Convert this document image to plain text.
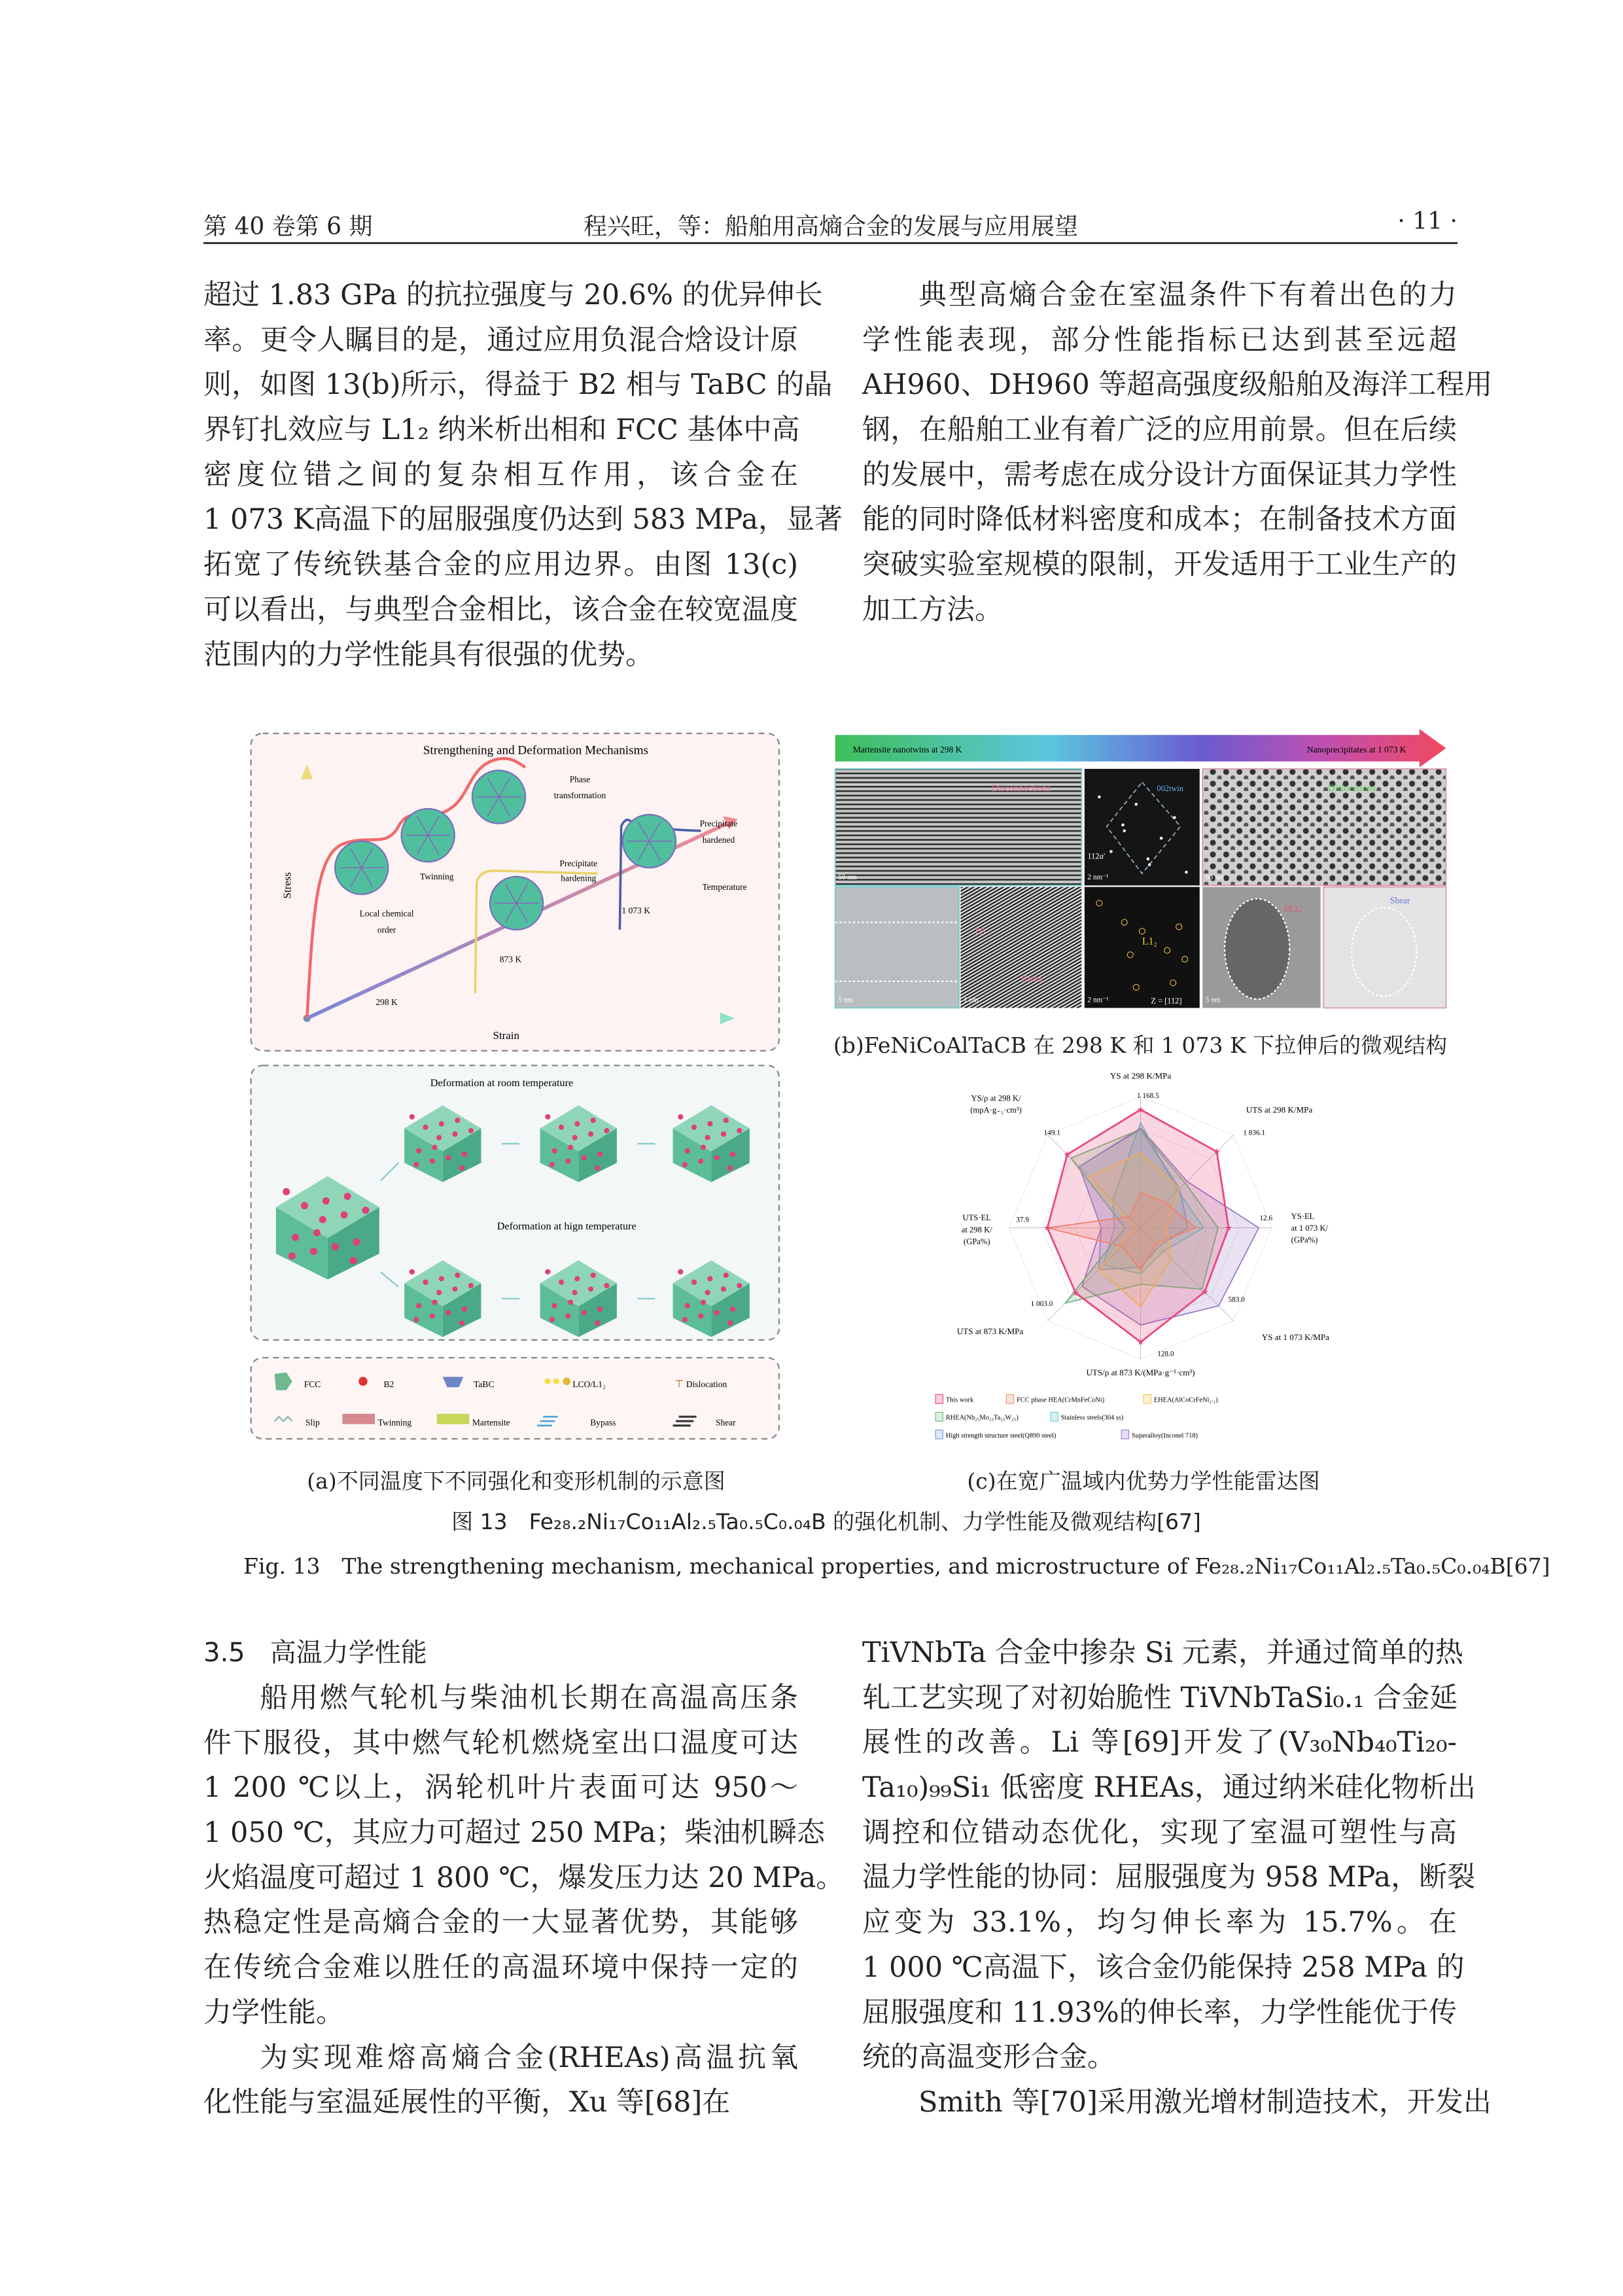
第 40 卷第 6 期	程兴旺，等：船舶用高熵合金的发展与应用展望	· 11 ·
超过 1.83 GPa 的抗拉强度与 20.6% 的优异伸长
率。更令人瞩目的是，通过应用负混合焓设计原
则，如图 13(b)所示，得益于 B2 相与 TaBC 的晶
界钉扎效应与 L1₂ 纳米析出相和 FCC 基体中高
密度位错之间的复杂相互作用，该合金在
1 073 K高温下的屈服强度仍达到 583 MPa，显著
拓宽了传统铁基合金的应用边界。由图 13(c)
可以看出，与典型合金相比，该合金在较宽温度
范围内的力学性能具有很强的优势。
典型高熵合金在室温条件下有着出色的力
学性能表现，部分性能指标已达到甚至远超
AH960、DH960 等超高强度级船舶及海洋工程用
钢，在船舶工业有着广泛的应用前景。但在后续
的发展中，需考虑在成分设计方面保证其力学性
能的同时降低材料密度和成本；在制备技术方面
突破实验室规模的限制，开发适用于工业生产的
加工方法。
3.5 高温力学性能
船用燃气轮机与柴油机长期在高温高压条
件下服役，其中燃气轮机燃烧室出口温度可达
1 200 ℃以上，涡轮机叶片表面可达 950～
1 050 ℃，其应力可超过 250 MPa；柴油机瞬态
火焰温度可超过 1 800 ℃，爆发压力达 20 MPa。
热稳定性是高熵合金的一大显著优势，其能够
在传统合金难以胜任的高温环境中保持一定的
力学性能。
为实现难熔高熵合金(RHEAs)高温抗氧
化性能与室温延展性的平衡，Xu 等[68]在
TiVNbTa 合金中掺杂 Si 元素，并通过简单的热
轧工艺实现了对初始脆性 TiVNbTaSi₀.₁ 合金延
展性的改善。Li 等[69]开发了(V₃₀Nb₄₀Ti₂₀-
Ta₁₀)₉₉Si₁ 低密度 RHEAs，通过纳米硅化物析出
调控和位错动态优化，实现了室温可塑性与高
温力学性能的协同：屈服强度为 958 MPa，断裂
应变为 33.1%，均匀伸长率为 15.7%。在
1 000 ℃高温下，该合金仍能保持 258 MPa 的
屈服强度和 11.93%的伸长率，力学性能优于传
统的高温变形合金。
Smith 等[70]采用激光增材制造技术，开发出
Strengthening and Deformation Mechanisms
Stress
Strain
Phase
transformation
Twinning
Local chemical
order
Precipitate
hardening
Precipitate
hardened
Temperature
298 K
873 K
1 073 K
Deformation at room temperature
Deformation at hign temperature
FCC	B2	TaBC	LCO/L1₂	⊤ Dislocation
Slip	Twinning	Martensite	Bypass	Shear
Martensite nanotwins at 298 K	Nanoprecipitates at 1 073 K
Disconnections	002twin
112α'
Dislocations
TB
Kinks
L1₂
Z = [112]
FCC
Shear
50 nm	2 nm⁻¹	50 nm
5 nm	1 nm	2 nm⁻¹	5 nm
★
★
★
★
★
★
★
★
YS at 298 K/MPa
1 168.5
UTS at 298 K/MPa
1 836.1
YS·EL
at 1 073 K/
(GPa%)
12.6
YS at 1 073 K/MPa
583.0
UTS/ρ at 873 K/(MPa·g⁻¹·cm³)
128.0
UTS at 873 K/MPa
1 003.0
UTS·EL
at 298 K/
(GPa%)
37.9
YS/ρ at 298 K/
(mpA·g₋₁·cm³)
149.1
This work	FCC phase HEA(CrMnFeCoNi)	EHEA(AlCoCrFeNi₂.₁)
RHEA(Nb₂₅Mo₂₅Ta₂₅W₂₅)	Stainless steels(304 ss)
High strength structure steel(Q890 steel)	Superalloy(Inconel 718)
(a)不同温度下不同强化和变形机制的示意图
(b)FeNiCoAlTaCB 在 298 K 和 1 073 K 下拉伸后的微观结构
(c)在宽广温域内优势力学性能雷达图
图 13　Fe₂₈.₂Ni₁₇Co₁₁Al₂.₅Ta₀.₅C₀.₀₄B 的强化机制、力学性能及微观结构[67]
Fig. 13　The strengthening mechanism, mechanical properties, and microstructure of Fe₂₈.₂Ni₁₇Co₁₁Al₂.₅Ta₀.₅C₀.₀₄B[67]
